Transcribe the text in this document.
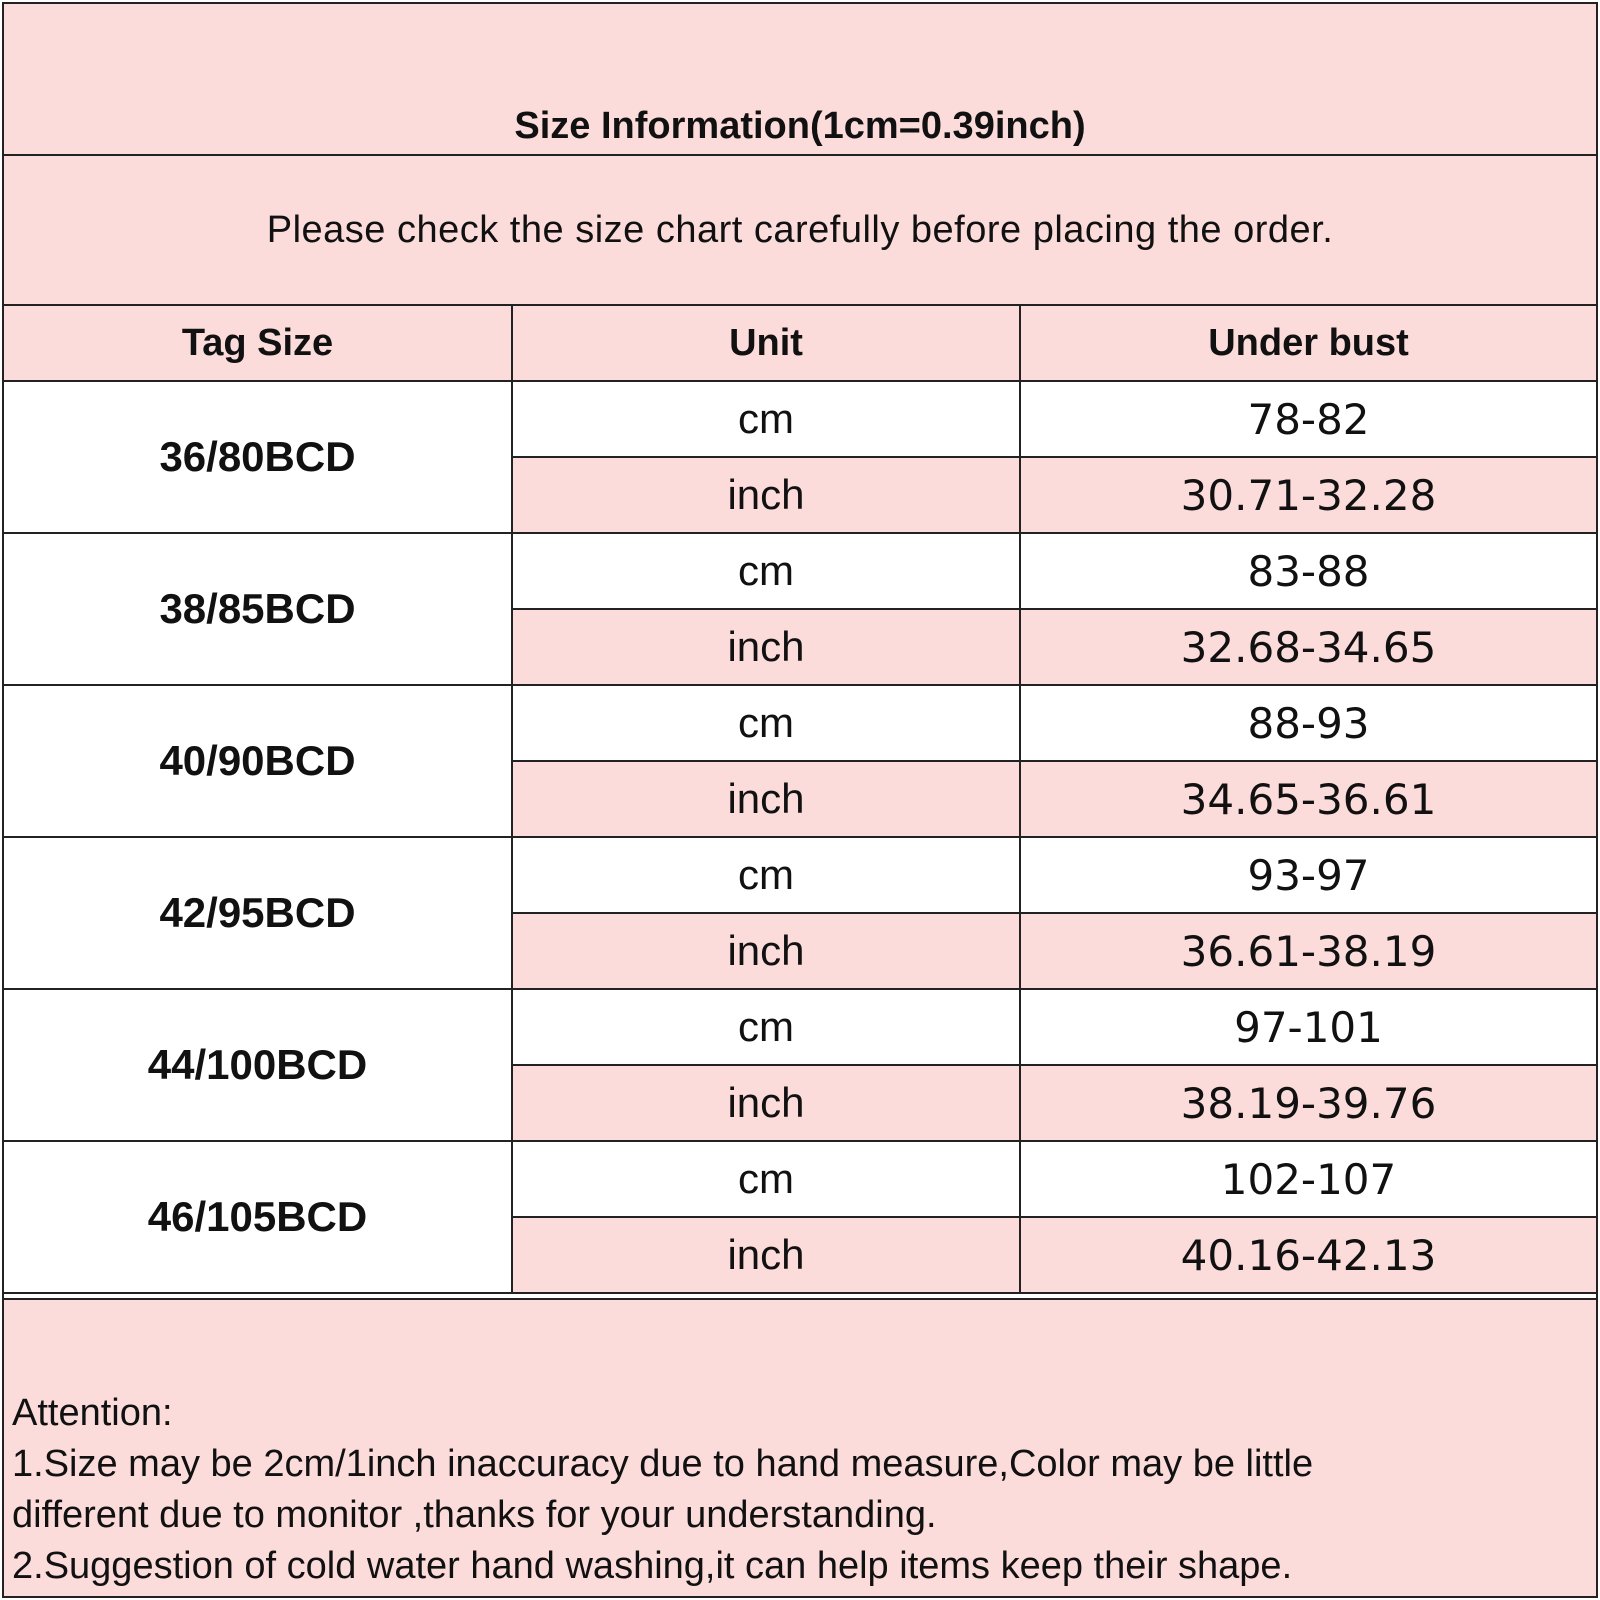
Size Information(1cm=0.39inch)
Please check the size chart carefully before placing the order.
Tag Size	Unit	Under bust
36/80BCD	cm	78-82
	inch	30.71-32.28
38/85BCD	cm	83-88
	inch	32.68-34.65
40/90BCD	cm	88-93
	inch	34.65-36.61
42/95BCD	cm	93-97
	inch	36.61-38.19
44/100BCD	cm	97-101
	inch	38.19-39.76
46/105BCD	cm	102-107
	inch	40.16-42.13

Attention:

1.Size may be 2cm/1inch inaccuracy due to hand measure,Color may be little

different due to monitor ,thanks for your understanding.

2.Suggestion of cold water hand washing,it can help items keep their shape.
